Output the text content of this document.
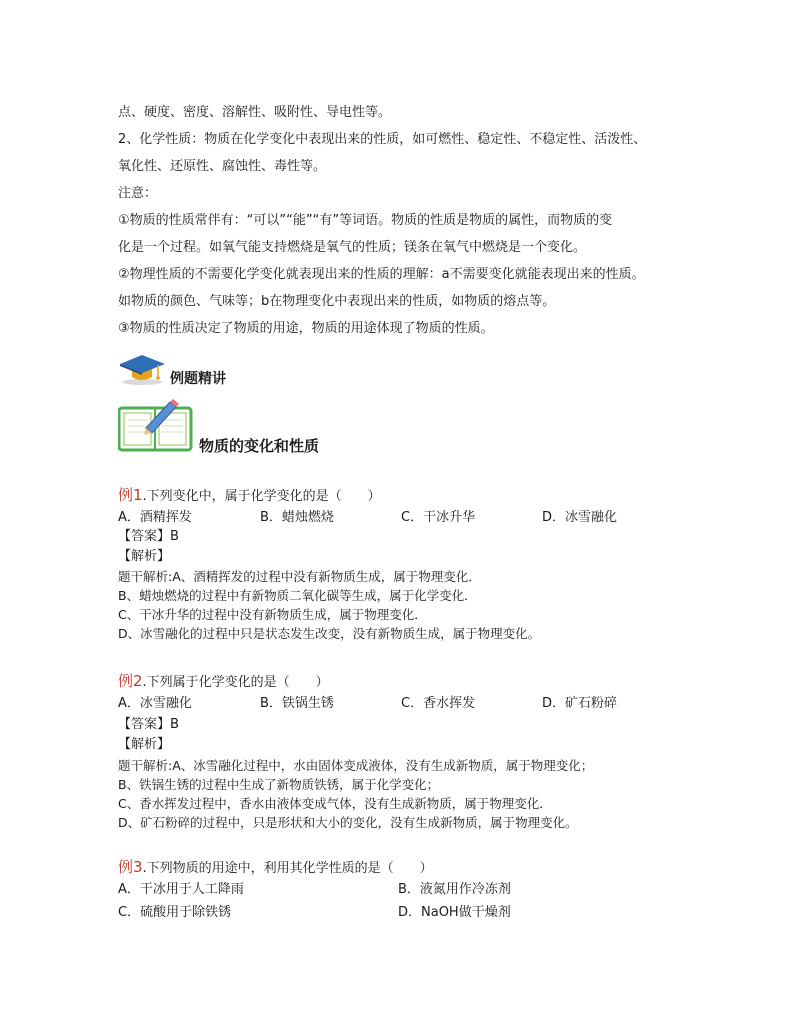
点、硬度、密度、溶解性、吸附性、导电性等。
2、化学性质：物质在化学变化中表现出来的性质，如可燃性、稳定性、不稳定性、活泼性、
氧化性、还原性、腐蚀性、毒性等。
注意：
①物质的性质常伴有：“可以”“能”“有”等词语。物质的性质是物质的属性，而物质的变
化是一个过程。如氧气能支持燃烧是氧气的性质；镁条在氧气中燃烧是一个变化。
②物理性质的不需要化学变化就表现出来的性质的理解：a不需要变化就能表现出来的性质。
如物质的颜色、气味等；b在物理变化中表现出来的性质，如物质的熔点等。
③物质的性质决定了物质的用途，物质的用途体现了物质的性质。
例题精讲
物质的变化和性质
例1.下列变化中，属于化学变化的是（　　）
A．酒精挥发	B．蜡烛燃烧	C．干冰升华	D．冰雪融化
【答案】B
【解析】
题干解析:A、酒精挥发的过程中没有新物质生成，属于物理变化．
B、蜡烛燃烧的过程中有新物质二氧化碳等生成，属于化学变化．
C、干冰升华的过程中没有新物质生成，属于物理变化．
D、冰雪融化的过程中只是状态发生改变，没有新物质生成，属于物理变化。
例2.下列属于化学变化的是（　　）
A．冰雪融化	B．铁锅生锈	C．香水挥发	D．矿石粉碎
【答案】B
【解析】
题干解析:A、冰雪融化过程中，水由固体变成液体，没有生成新物质，属于物理变化；
B、铁锅生锈的过程中生成了新物质铁锈，属于化学变化；
C、香水挥发过程中，香水由液体变成气体，没有生成新物质，属于物理变化．
D、矿石粉碎的过程中，只是形状和大小的变化，没有生成新物质，属于物理变化。
例3.下列物质的用途中，利用其化学性质的是（　　）
A．干冰用于人工降雨	B．液氮用作冷冻剂
C．硫酸用于除铁锈	D．NaOH做干燥剂
